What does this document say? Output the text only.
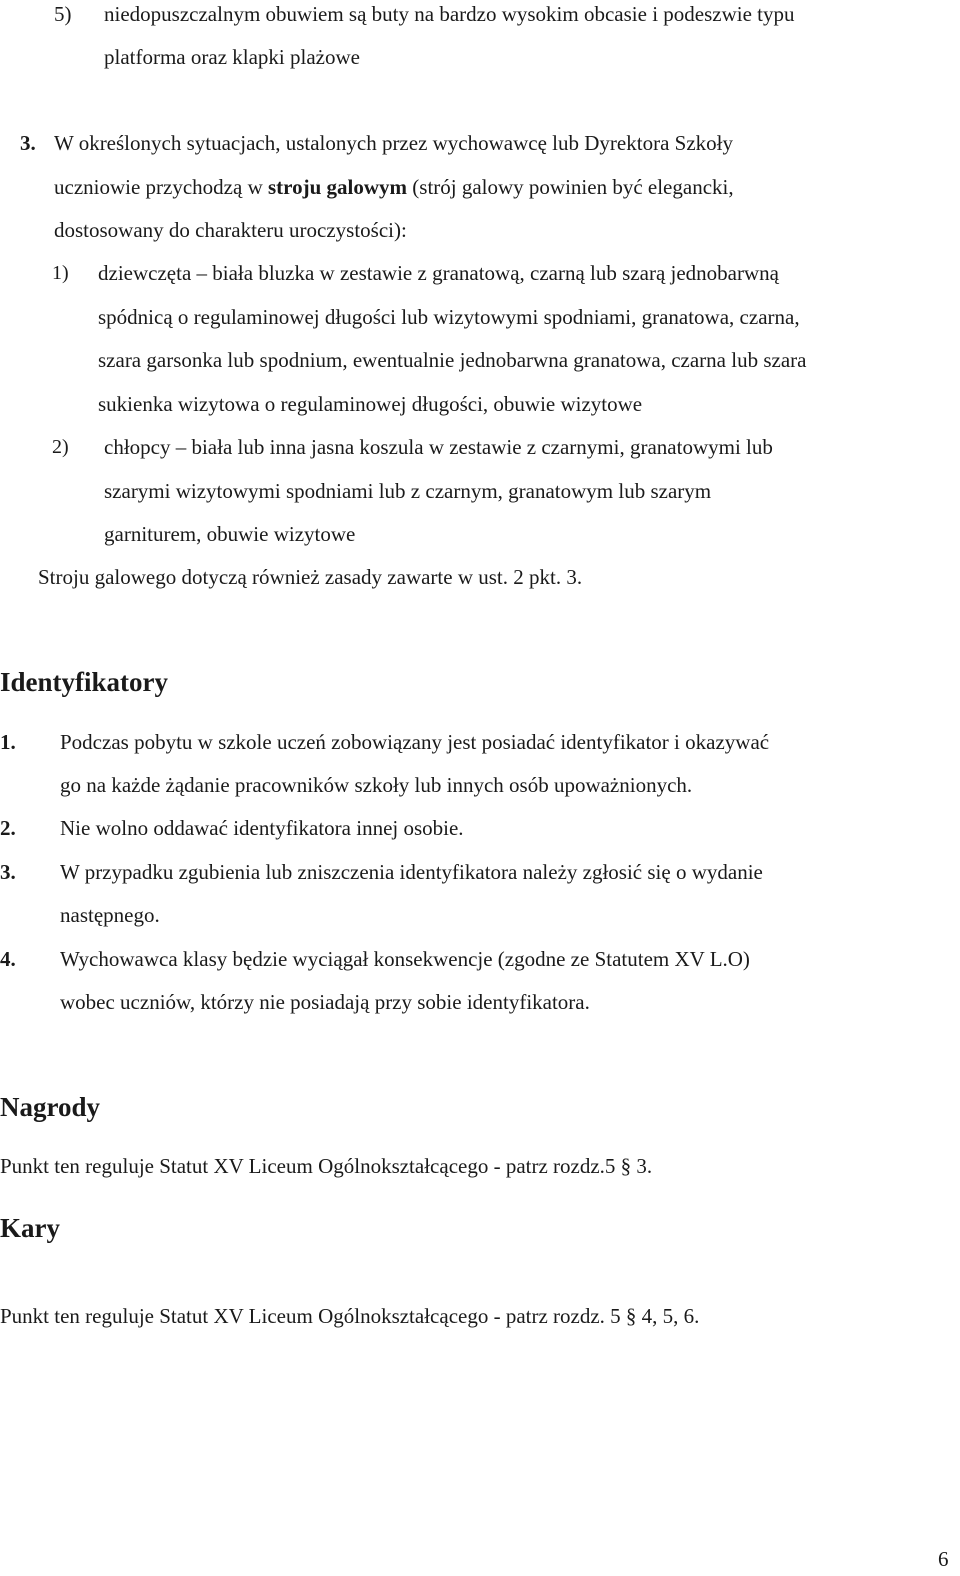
5) niedopuszczalnym obuwiem są buty na bardzo wysokim obcasie i podeszwie typu
platforma oraz klapki plażowe
3. W określonych sytuacjach, ustalonych przez wychowawcę lub Dyrektora Szkoły
uczniowie przychodzą w stroju galowym (strój galowy powinien być elegancki,
dostosowany do charakteru uroczystości):
1) dziewczęta – biała bluzka w zestawie z granatową, czarną lub szarą jednobarwną
spódnicą o regulaminowej długości lub wizytowymi spodniami, granatowa, czarna,
szara garsonka lub spodnium, ewentualnie jednobarwna granatowa, czarna lub szara
sukienka wizytowa o regulaminowej długości, obuwie wizytowe
2) chłopcy – biała lub inna jasna koszula w zestawie z czarnymi, granatowymi lub
szarymi wizytowymi spodniami lub z czarnym, granatowym lub szarym
garniturem, obuwie wizytowe
Stroju galowego dotyczą również zasady zawarte w ust. 2 pkt. 3.
Identyfikatory
1. Podczas pobytu w szkole uczeń zobowiązany jest posiadać identyfikator i okazywać
go na każde żądanie pracowników szkoły lub innych osób upoważnionych.
2. Nie wolno oddawać identyfikatora innej osobie.
3. W przypadku zgubienia lub zniszczenia identyfikatora należy zgłosić się o wydanie
następnego.
4. Wychowawca klasy będzie wyciągał konsekwencje (zgodne ze Statutem XV L.O)
wobec uczniów, którzy nie posiadają przy sobie identyfikatora.
Nagrody
Punkt ten reguluje Statut XV Liceum Ogólnokształcącego - patrz rozdz.5 § 3.
Kary
Punkt ten reguluje Statut XV Liceum Ogólnokształcącego - patrz rozdz. 5 § 4, 5, 6.
6
